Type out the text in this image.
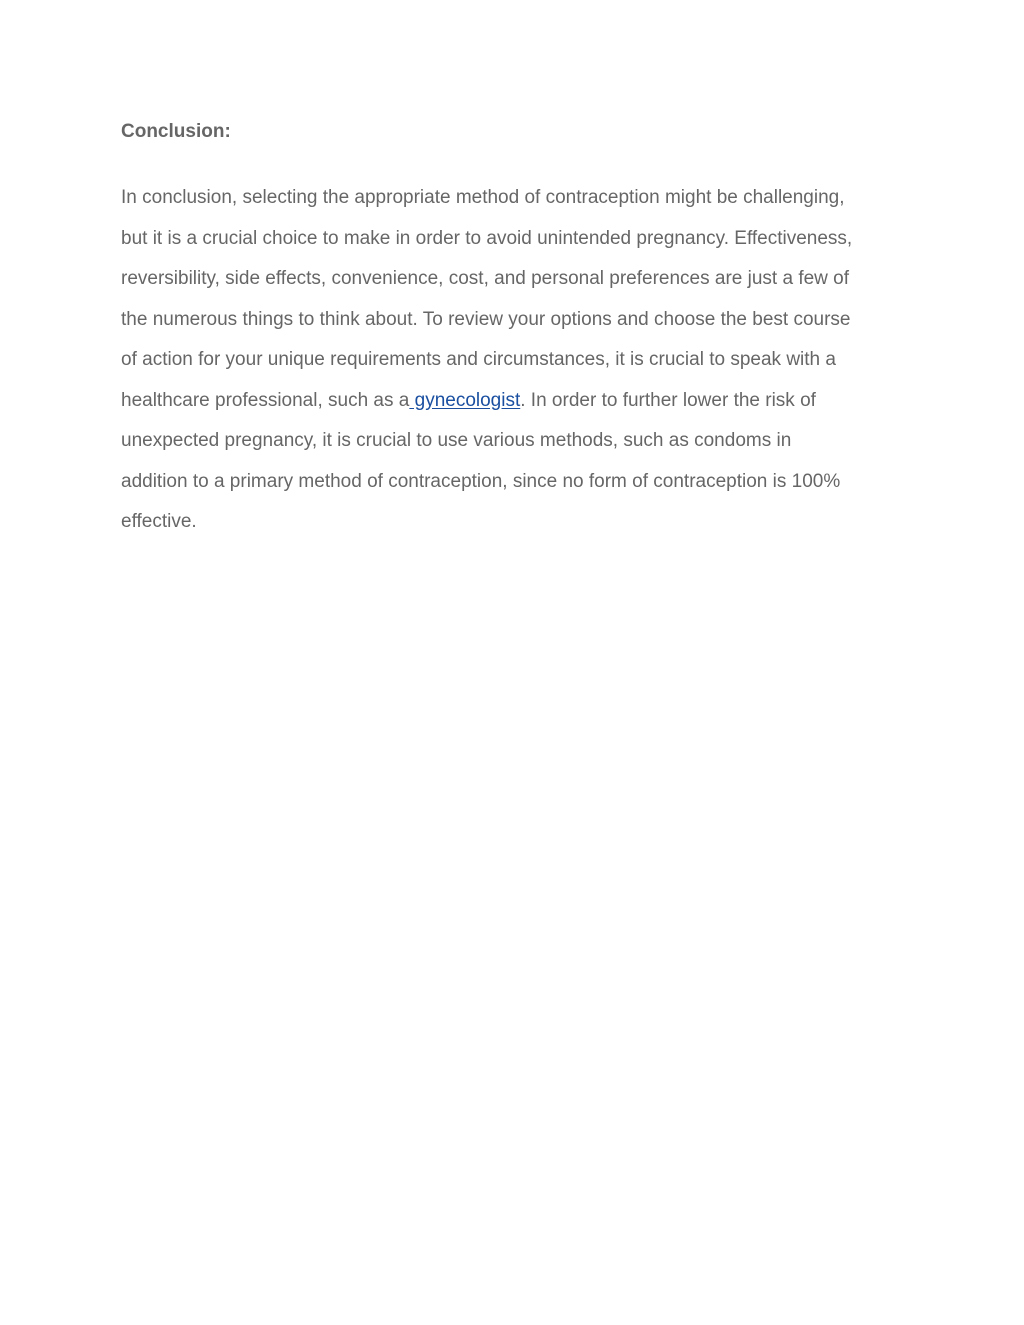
Conclusion:
In conclusion, selecting the appropriate method of contraception might be challenging,
but it is a crucial choice to make in order to avoid unintended pregnancy. Effectiveness,
reversibility, side effects, convenience, cost, and personal preferences are just a few of
the numerous things to think about. To review your options and choose the best course
of action for your unique requirements and circumstances, it is crucial to speak with a
healthcare professional, such as a gynecologist. In order to further lower the risk of
unexpected pregnancy, it is crucial to use various methods, such as condoms in
addition to a primary method of contraception, since no form of contraception is 100%
effective.
